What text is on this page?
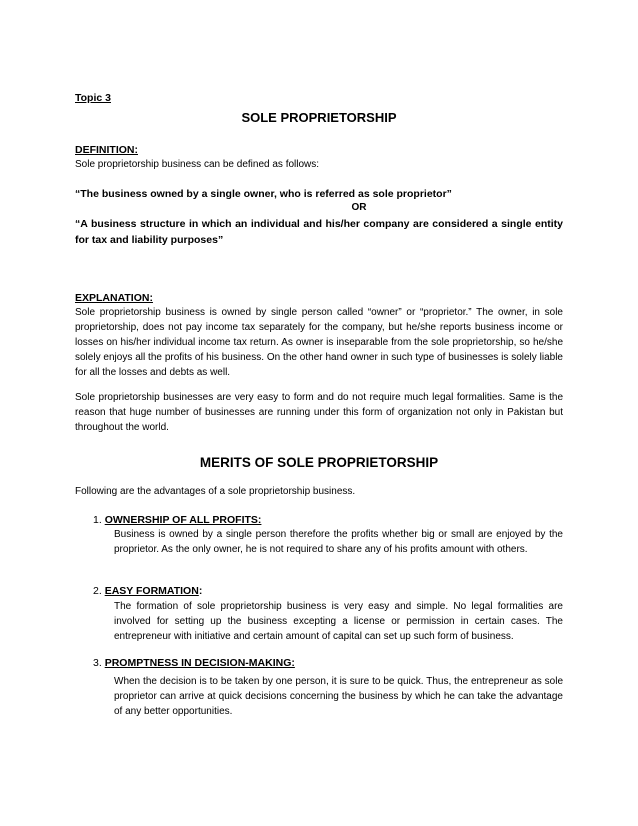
Topic 3
SOLE PROPRIETORSHIP
DEFINITION:
Sole proprietorship business can be defined as follows:
“The business owned by a single owner, who is referred as sole proprietor”
OR
“A business structure in which an individual and his/her company are considered a single entity for tax and liability purposes”
EXPLANATION:
Sole proprietorship business is owned by single person called “owner” or “proprietor.” The owner, in sole proprietorship, does not pay income tax separately for the company, but he/she reports business income or losses on his/her individual income tax return. As owner is inseparable from the sole proprietorship, so he/she solely enjoys all the profits of his business. On the other hand owner in such type of businesses is solely liable for all the losses and debts as well.
Sole proprietorship businesses are very easy to form and do not require much legal formalities. Same is the reason that huge number of businesses are running under this form of organization not only in Pakistan but throughout the world.
MERITS OF SOLE PROPRIETORSHIP
Following are the advantages of a sole proprietorship business.
1. OWNERSHIP OF ALL PROFITS:
Business is owned by a single person therefore the profits whether big or small are enjoyed by the proprietor. As the only owner, he is not required to share any of his profits amount with others.
2. EASY FORMATION:
The formation of sole proprietorship business is very easy and simple. No legal formalities are involved for setting up the business excepting a license or permission in certain cases. The entrepreneur with initiative and certain amount of capital can set up such form of business.
3. PROMPTNESS IN DECISION-MAKING:
When the decision is to be taken by one person, it is sure to be quick. Thus, the entrepreneur as sole proprietor can arrive at quick decisions concerning the business by which he can take the advantage of any better opportunities.
